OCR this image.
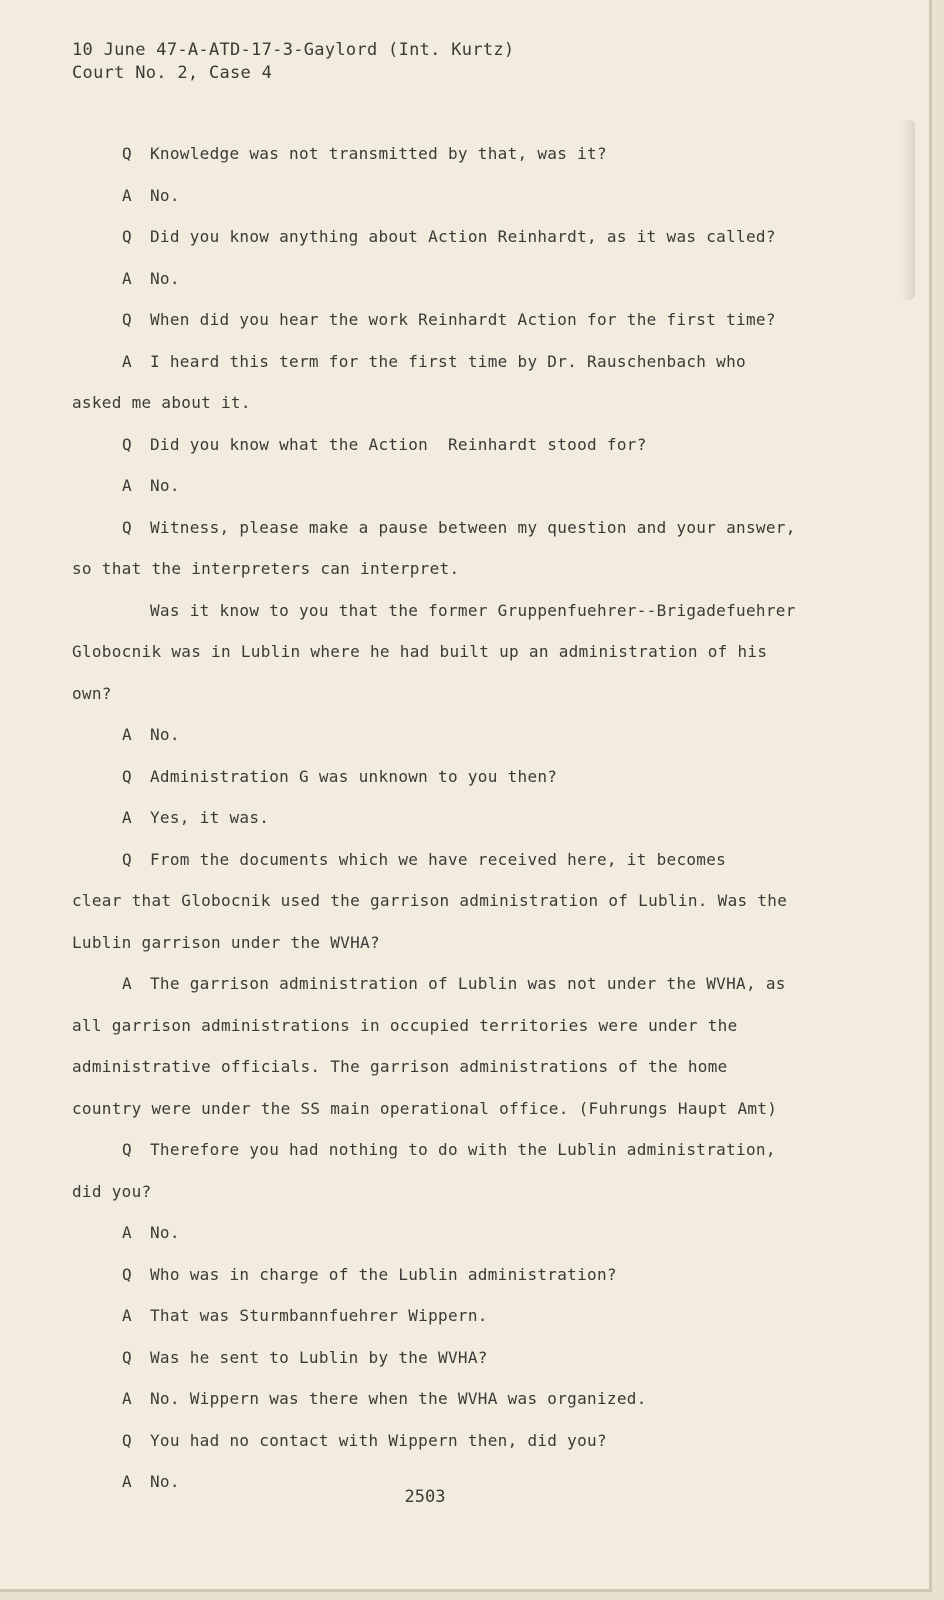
10 June 47-A-ATD-17-3-Gaylord (Int. Kurtz)
Court No. 2, Case 4
Q Knowledge was not transmitted by that, was it?
A No.
Q Did you know anything about Action Reinhardt, as it was called?
A No.
Q When did you hear the work Reinhardt Action for the first time?
A I heard this term for the first time by Dr. Rauschenbach who
asked me about it.
Q Did you know what the Action  Reinhardt stood for?
A No.
Q Witness, please make a pause between my question and your answer,
so that the interpreters can interpret.
Was it know to you that the former Gruppenfuehrer--Brigadefuehrer
Globocnik was in Lublin where he had built up an administration of his
own?
A No.
Q Administration G was unknown to you then?
A Yes, it was.
Q From the documents which we have received here, it becomes
clear that Globocnik used the garrison administration of Lublin. Was the
Lublin garrison under the WVHA?
A The garrison administration of Lublin was not under the WVHA, as
all garrison administrations in occupied territories were under the
administrative officials. The garrison administrations of the home
country were under the SS main operational office. (Fuhrungs Haupt Amt)
Q Therefore you had nothing to do with the Lublin administration,
did you?
A No.
Q Who was in charge of the Lublin administration?
A That was Sturmbannfuehrer Wippern.
Q Was he sent to Lublin by the WVHA?
A No. Wippern was there when the WVHA was organized.
Q You had no contact with Wippern then, did you?
A No.
2503
